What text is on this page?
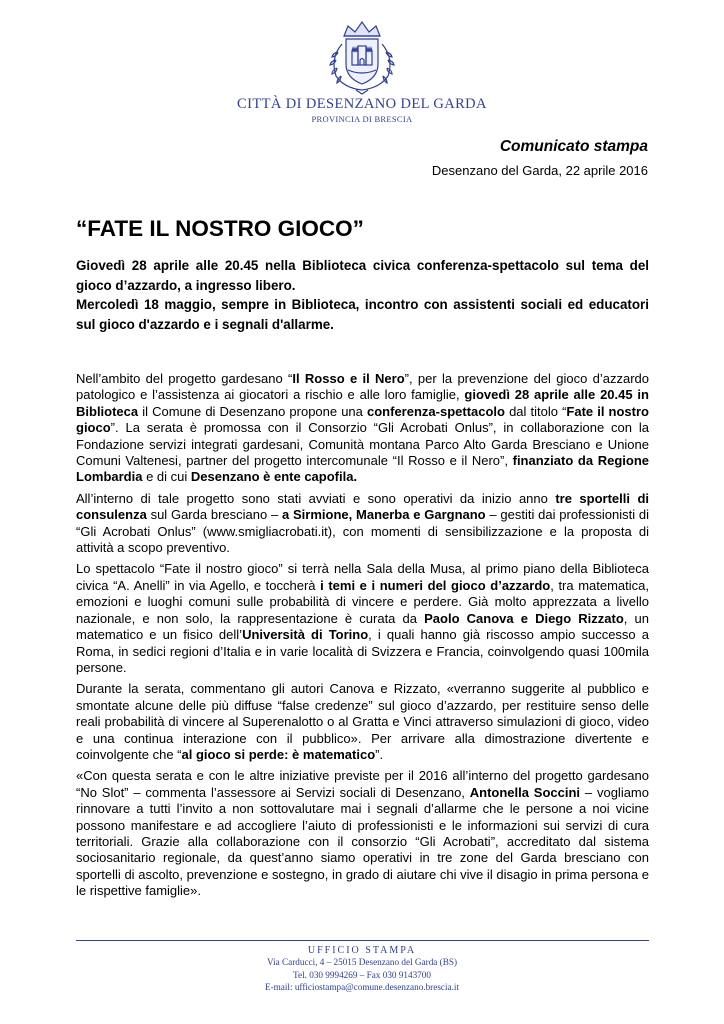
CITTÀ DI DESENZANO DEL GARDA
PROVINCIA DI BRESCIA
Comunicato stampa
Desenzano del Garda, 22 aprile 2016
“FATE IL NOSTRO GIOCO”

Giovedì 28 aprile alle 20.45 nella Biblioteca civica conferenza-spettacolo sul tema del gioco d’azzardo, a ingresso libero.

Mercoledì 18 maggio, sempre in Biblioteca, incontro con assistenti sociali ed educatori sul gioco d'azzardo e i segnali d'allarme.

Nell’ambito del progetto gardesano “Il Rosso e il Nero”, per la prevenzione del gioco d’azzardo patologico e l’assistenza ai giocatori a rischio e alle loro famiglie, giovedì 28 aprile alle 20.45 in Biblioteca il Comune di Desenzano propone una conferenza-spettacolo dal titolo “Fate il nostro gioco”. La serata è promossa con il Consorzio “Gli Acrobati Onlus”, in collaborazione con la Fondazione servizi integrati gardesani, Comunità montana Parco Alto Garda Bresciano e Unione Comuni Valtenesi, partner del progetto intercomunale “Il Rosso e il Nero”, finanziato da Regione Lombardia e di cui Desenzano è ente capofila.

All’interno di tale progetto sono stati avviati e sono operativi da inizio anno tre sportelli di consulenza sul Garda bresciano – a Sirmione, Manerba e Gargnano – gestiti dai professionisti di “Gli Acrobati Onlus” (www.smigliacrobati.it), con momenti di sensibilizzazione e la proposta di attività a scopo preventivo.

Lo spettacolo “Fate il nostro gioco” si terrà nella Sala della Musa, al primo piano della Biblioteca civica “A. Anelli” in via Agello, e toccherà i temi e i numeri del gioco d’azzardo, tra matematica, emozioni e luoghi comuni sulle probabilità di vincere e perdere. Già molto apprezzata a livello nazionale, e non solo, la rappresentazione è curata da Paolo Canova e Diego Rizzato, un matematico e un fisico dell’Università di Torino, i quali hanno già riscosso ampio successo a Roma, in sedici regioni d’Italia e in varie località di Svizzera e Francia, coinvolgendo quasi 100mila persone.

Durante la serata, commentano gli autori Canova e Rizzato, «verranno suggerite al pubblico e smontate alcune delle più diffuse “false credenze” sul gioco d’azzardo, per restituire senso delle reali probabilità di vincere al Superenalotto o al Gratta e Vinci attraverso simulazioni di gioco, video e una continua interazione con il pubblico». Per arrivare alla dimostrazione divertente e coinvolgente che “al gioco si perde: è matematico”.

«Con questa serata e con le altre iniziative previste per il 2016 all’interno del progetto gardesano “No Slot” – commenta l’assessore ai Servizi sociali di Desenzano, Antonella Soccini – vogliamo rinnovare a tutti l’invito a non sottovalutare mai i segnali d’allarme che le persone a noi vicine possono manifestare e ad accogliere l’aiuto di professionisti e le informazioni sui servizi di cura territoriali. Grazie alla collaborazione con il consorzio “Gli Acrobati”, accreditato dal sistema sociosanitario regionale, da quest’anno siamo operativi in tre zone del Garda bresciano con sportelli di ascolto, prevenzione e sostegno, in grado di aiutare chi vive il disagio in prima persona e le rispettive famiglie».

UFFICIO STAMPA
Via Carducci, 4 – 25015 Desenzano del Garda (BS)
Tel. 030 9994269 – Fax 030 9143700
E-mail: ufficiostampa@comune.desenzano.brescia.it
